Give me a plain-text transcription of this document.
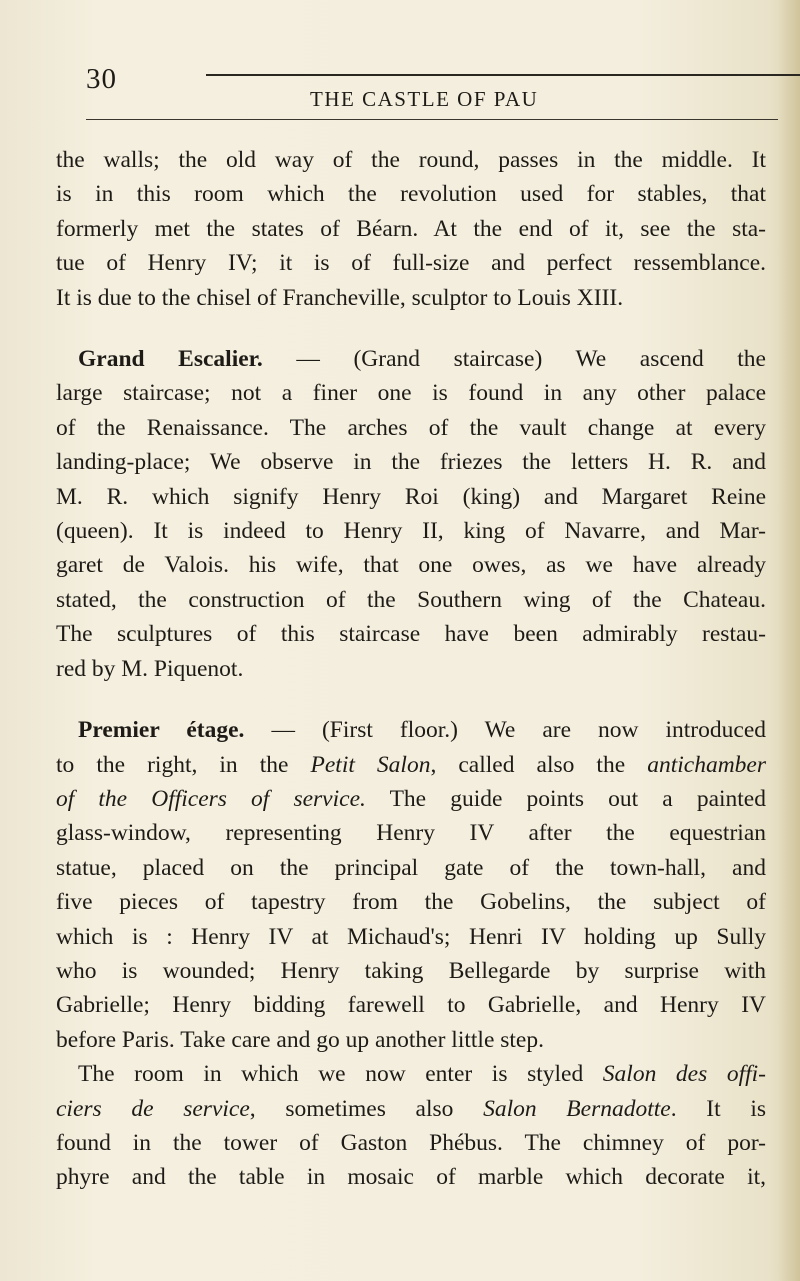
30
THE CASTLE OF PAU
the walls; the old way of the round, passes in the middle. It
is in this room which the revolution used for stables, that
formerly met the states of Béarn. At the end of it, see the sta-
tue of Henry IV; it is of full-size and perfect ressemblance.
It is due to the chisel of Francheville, sculptor to Louis XIII.
Grand Escalier. — (Grand staircase) We ascend the
large staircase; not a finer one is found in any other palace
of the Renaissance. The arches of the vault change at every
landing-place; We observe in the friezes the letters H. R. and
M. R. which signify Henry Roi (king) and Margaret Reine
(queen). It is indeed to Henry II, king of Navarre, and Mar-
garet de Valois. his wife, that one owes, as we have already
stated, the construction of the Southern wing of the Chateau.
The sculptures of this staircase have been admirably restau-
red by M. Piquenot.
Premier étage. — (First floor.) We are now introduced
to the right, in the Petit Salon, called also the antichamber
of the Officers of service. The guide points out a painted
glass-window, representing Henry IV after the equestrian
statue, placed on the principal gate of the town-hall, and
five pieces of tapestry from the Gobelins, the subject of
which is : Henry IV at Michaud's; Henri IV holding up Sully
who is wounded; Henry taking Bellegarde by surprise with
Gabrielle; Henry bidding farewell to Gabrielle, and Henry IV
before Paris. Take care and go up another little step.
The room in which we now enter is styled Salon des offi-
ciers de service, sometimes also Salon Bernadotte. It is
found in the tower of Gaston Phébus. The chimney of por-
phyre and the table in mosaic of marble which decorate it,
